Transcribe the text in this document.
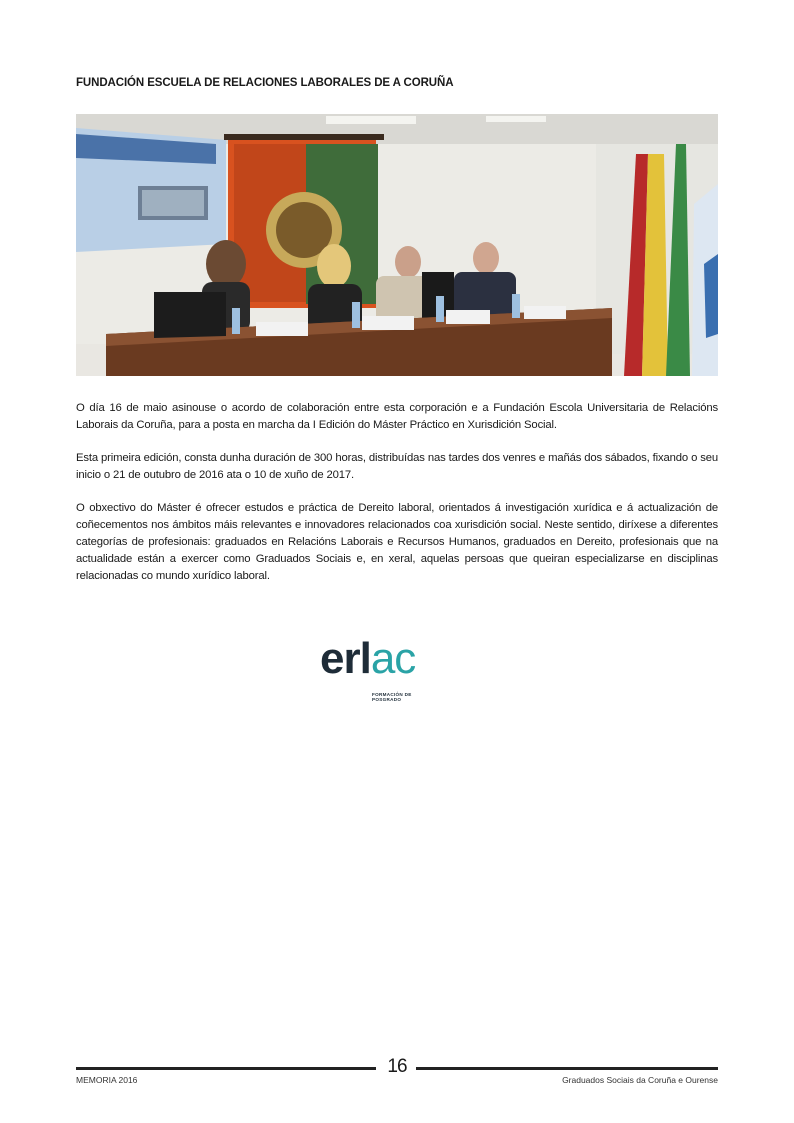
FUNDACIÓN ESCUELA DE RELACIONES LABORALES DE A CORUÑA

O día 16 de maio asinouse o acordo de colaboración entre esta corporación e a Fundación Escola Universitaria de Relacións Laborais da Coruña, para a posta en marcha da I Edición do Máster Práctico en Xurisdición Social.

Esta primeira edición, consta dunha duración de 300 horas, distribuídas nas tardes dos venres e mañás dos sábados, fixando o seu inicio o 21 de outubro de 2016 ata o 10 de xuño de 2017.

O obxectivo do Máster é ofrecer estudos e práctica de Dereito laboral, orientados á investigación xurídica e á actualización de coñecementos nos ámbitos máis relevantes e innovadores relacionados coa xurisdición social. Neste sentido, diríxese a diferentes categorías de profesionais: graduados en Relacións Laborais e Recursos Humanos, graduados en Dereito, profesionais que na actualidade están a exercer como Graduados Sociais e, en xeral, aquelas persoas que queiran especializarse en disciplinas relacionadas co mundo xurídico laboral.

erlac
FORMACIÓN DE POSGRADO
16
MEMORIA 2016	Graduados Sociais da Coruña e Ourense
